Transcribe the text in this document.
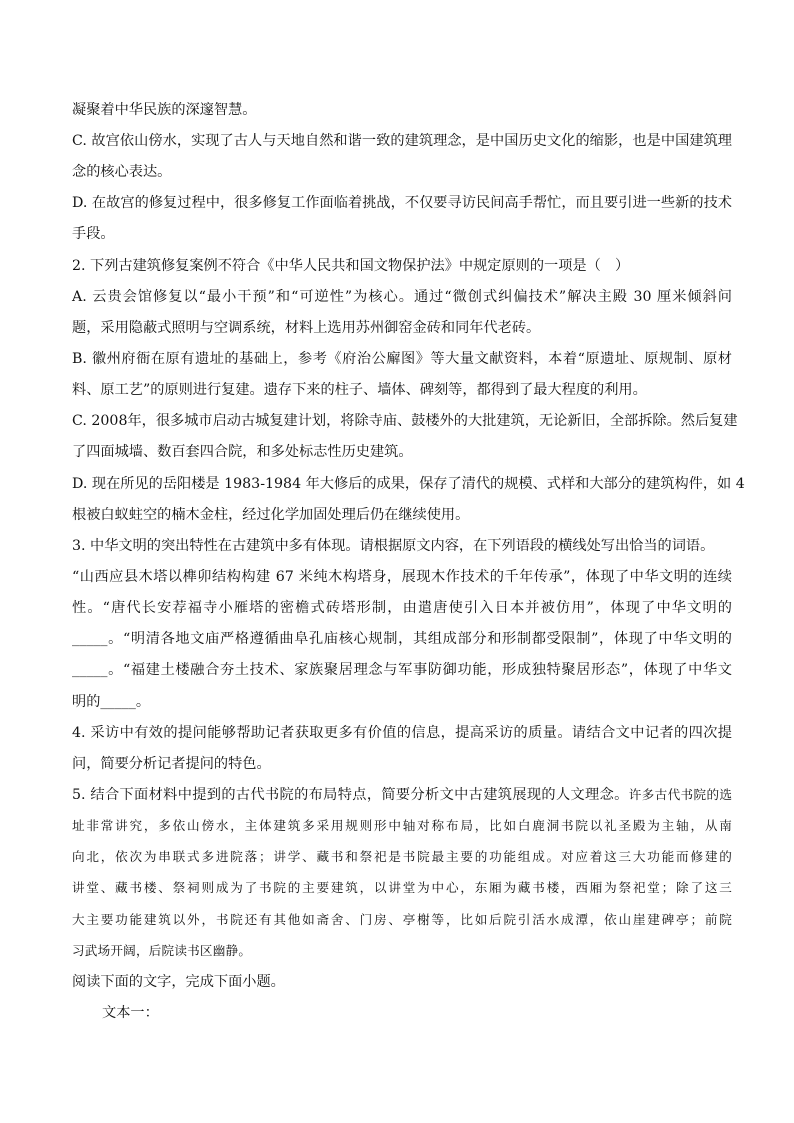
凝聚着中华民族的深邃智慧。
C. 故宫依山傍水，实现了古人与天地自然和谐一致的建筑理念，是中国历史文化的缩影，也是中国建筑理
念的核心表达。
D. 在故宫的修复过程中，很多修复工作面临着挑战，不仅要寻访民间高手帮忙，而且要引进一些新的技术
手段。
2. 下列古建筑修复案例不符合《中华人民共和国文物保护法》中规定原则的一项是（　）
A. 云贵会馆修复以“最小干预”和“可逆性”为核心。通过“微创式纠偏技术”解决主殿 30 厘米倾斜问
题，采用隐蔽式照明与空调系统，材料上选用苏州御窑金砖和同年代老砖。
B. 徽州府衙在原有遗址的基础上，参考《府治公廨图》等大量文献资料，本着“原遗址、原规制、原材
料、原工艺”的原则进行复建。遗存下来的柱子、墙体、碑刻等，都得到了最大程度的利用。
C. 2008年，很多城市启动古城复建计划，将除寺庙、鼓楼外的大批建筑，无论新旧，全部拆除。然后复建
了四面城墙、数百套四合院，和多处标志性历史建筑。
D. 现在所见的岳阳楼是 1983-1984 年大修后的成果，保存了清代的规模、式样和大部分的建筑构件，如 4
根被白蚁蛀空的楠木金柱，经过化学加固处理后仍在继续使用。
3. 中华文明的突出特性在古建筑中多有体现。请根据原文内容，在下列语段的横线处写出恰当的词语。
“山西应县木塔以榫卯结构构建 67 米纯木构塔身，展现木作技术的千年传承”，体现了中华文明的连续
性。“唐代长安荐福寺小雁塔的密檐式砖塔形制，由遣唐使引入日本并被仿用”，体现了中华文明的
_____。“明清各地文庙严格遵循曲阜孔庙核心规制，其组成部分和形制都受限制”，体现了中华文明的
_____。“福建土楼融合夯土技术、家族聚居理念与军事防御功能，形成独特聚居形态”，体现了中华文
明的_____。
4. 采访中有效的提问能够帮助记者获取更多有价值的信息，提高采访的质量。请结合文中记者的四次提
问，简要分析记者提问的特色。
5. 结合下面材料中提到的古代书院的布局特点，简要分析文中古建筑展现的人文理念。许多古代书院的选
址非常讲究，多依山傍水，主体建筑多采用规则形中轴对称布局，比如白鹿洞书院以礼圣殿为主轴，从南
向北，依次为串联式多进院落；讲学、藏书和祭祀是书院最主要的功能组成。对应着这三大功能而修建的
讲堂、藏书楼、祭祠则成为了书院的主要建筑，以讲堂为中心，东厢为藏书楼，西厢为祭祀堂；除了这三
大主要功能建筑以外，书院还有其他如斋舍、门房、亭榭等，比如后院引活水成潭，依山崖建碑亭；前院
习武场开阔，后院读书区幽静。
阅读下面的文字，完成下面小题。
文本一：
